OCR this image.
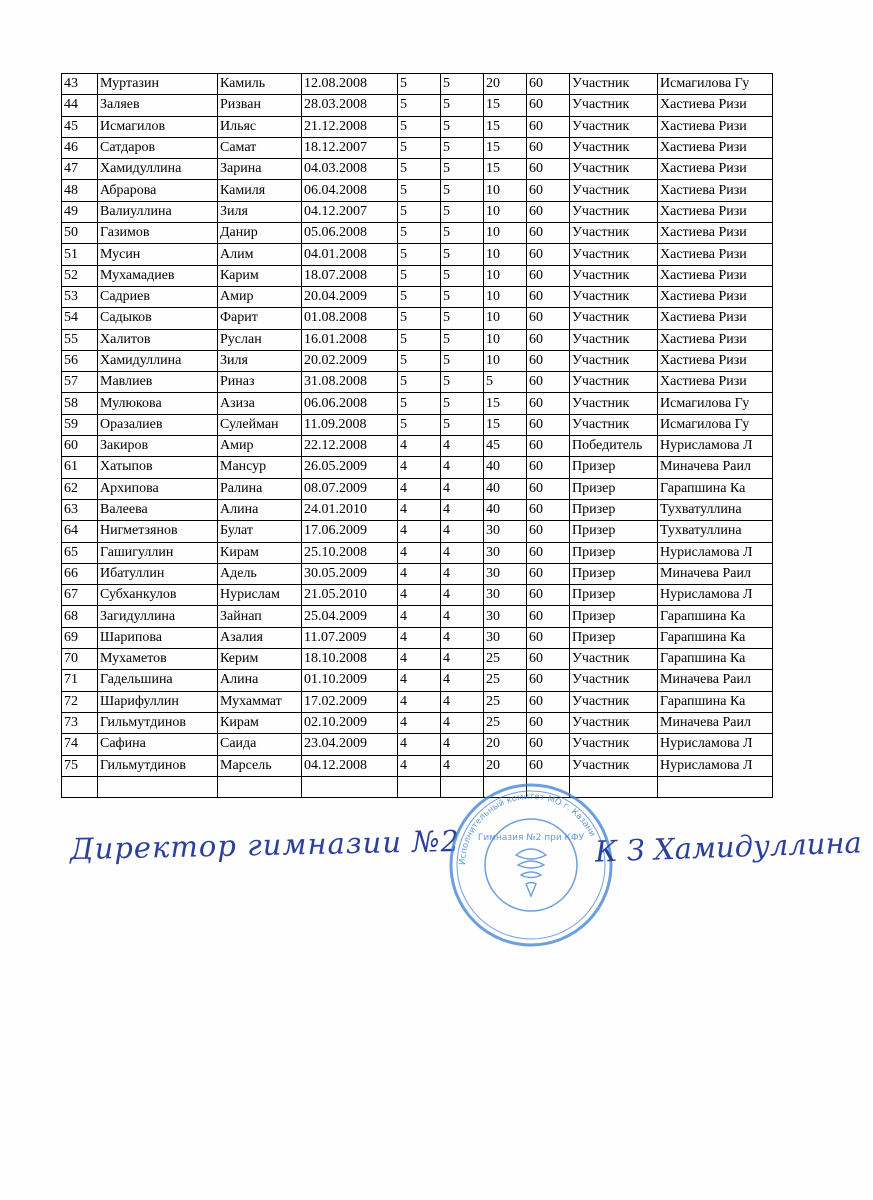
43	Муртазин	Камиль	12.08.2008	5	5	20	60	Участник	Исмагилова Гу
44	Заляев	Ризван	28.03.2008	5	5	15	60	Участник	Хастиева Ризи
45	Исмагилов	Ильяс	21.12.2008	5	5	15	60	Участник	Хастиева Ризи
46	Сатдаров	Самат	18.12.2007	5	5	15	60	Участник	Хастиева Ризи
47	Хамидуллина	Зарина	04.03.2008	5	5	15	60	Участник	Хастиева Ризи
48	Абрарова	Камиля	06.04.2008	5	5	10	60	Участник	Хастиева Ризи
49	Валиуллина	Зиля	04.12.2007	5	5	10	60	Участник	Хастиева Ризи
50	Газимов	Данир	05.06.2008	5	5	10	60	Участник	Хастиева Ризи
51	Мусин	Алим	04.01.2008	5	5	10	60	Участник	Хастиева Ризи
52	Мухамадиев	Карим	18.07.2008	5	5	10	60	Участник	Хастиева Ризи
53	Садриев	Амир	20.04.2009	5	5	10	60	Участник	Хастиева Ризи
54	Садыков	Фарит	01.08.2008	5	5	10	60	Участник	Хастиева Ризи
55	Халитов	Руслан	16.01.2008	5	5	10	60	Участник	Хастиева Ризи
56	Хамидуллина	Зиля	20.02.2009	5	5	10	60	Участник	Хастиева Ризи
57	Мавлиев	Риназ	31.08.2008	5	5	5	60	Участник	Хастиева Ризи
58	Мулюкова	Азиза	06.06.2008	5	5	15	60	Участник	Исмагилова Гу
59	Оразалиев	Сулейман	11.09.2008	5	5	15	60	Участник	Исмагилова Гу
60	Закиров	Амир	22.12.2008	4	4	45	60	Победитель	Нурисламова Л
61	Хатыпов	Мансур	26.05.2009	4	4	40	60	Призер	Миначева Раил
62	Архипова	Ралина	08.07.2009	4	4	40	60	Призер	Гарапшина Ка
63	Валеева	Алина	24.01.2010	4	4	40	60	Призер	Тухватуллина
64	Нигметзянов	Булат	17.06.2009	4	4	30	60	Призер	Тухватуллина
65	Гашигуллин	Кирам	25.10.2008	4	4	30	60	Призер	Нурисламова Л
66	Ибатуллин	Адель	30.05.2009	4	4	30	60	Призер	Миначева Раил
67	Субханкулов	Нурислам	21.05.2010	4	4	30	60	Призер	Нурисламова Л
68	Загидуллина	Зайнап	25.04.2009	4	4	30	60	Призер	Гарапшина Ка
69	Шарипова	Азалия	11.07.2009	4	4	30	60	Призер	Гарапшина Ка
70	Мухаметов	Керим	18.10.2008	4	4	25	60	Участник	Гарапшина Ка
71	Гадельшина	Алина	01.10.2009	4	4	25	60	Участник	Миначева Раил
72	Шарифуллин	Мухаммат	17.02.2009	4	4	25	60	Участник	Гарапшина Ка
73	Гильмутдинов	Кирам	02.10.2009	4	4	25	60	Участник	Миначева Раил
74	Сафина	Саида	23.04.2009	4	4	20	60	Участник	Нурисламова Л
75	Гильмутдинов	Марсель	04.12.2008	4	4	20	60	Участник	Нурисламова Л

Директор гимназии №2
Исполнительный комитет МО г. Казани
Гимназия №2 при КФУ К З Хамидуллина
